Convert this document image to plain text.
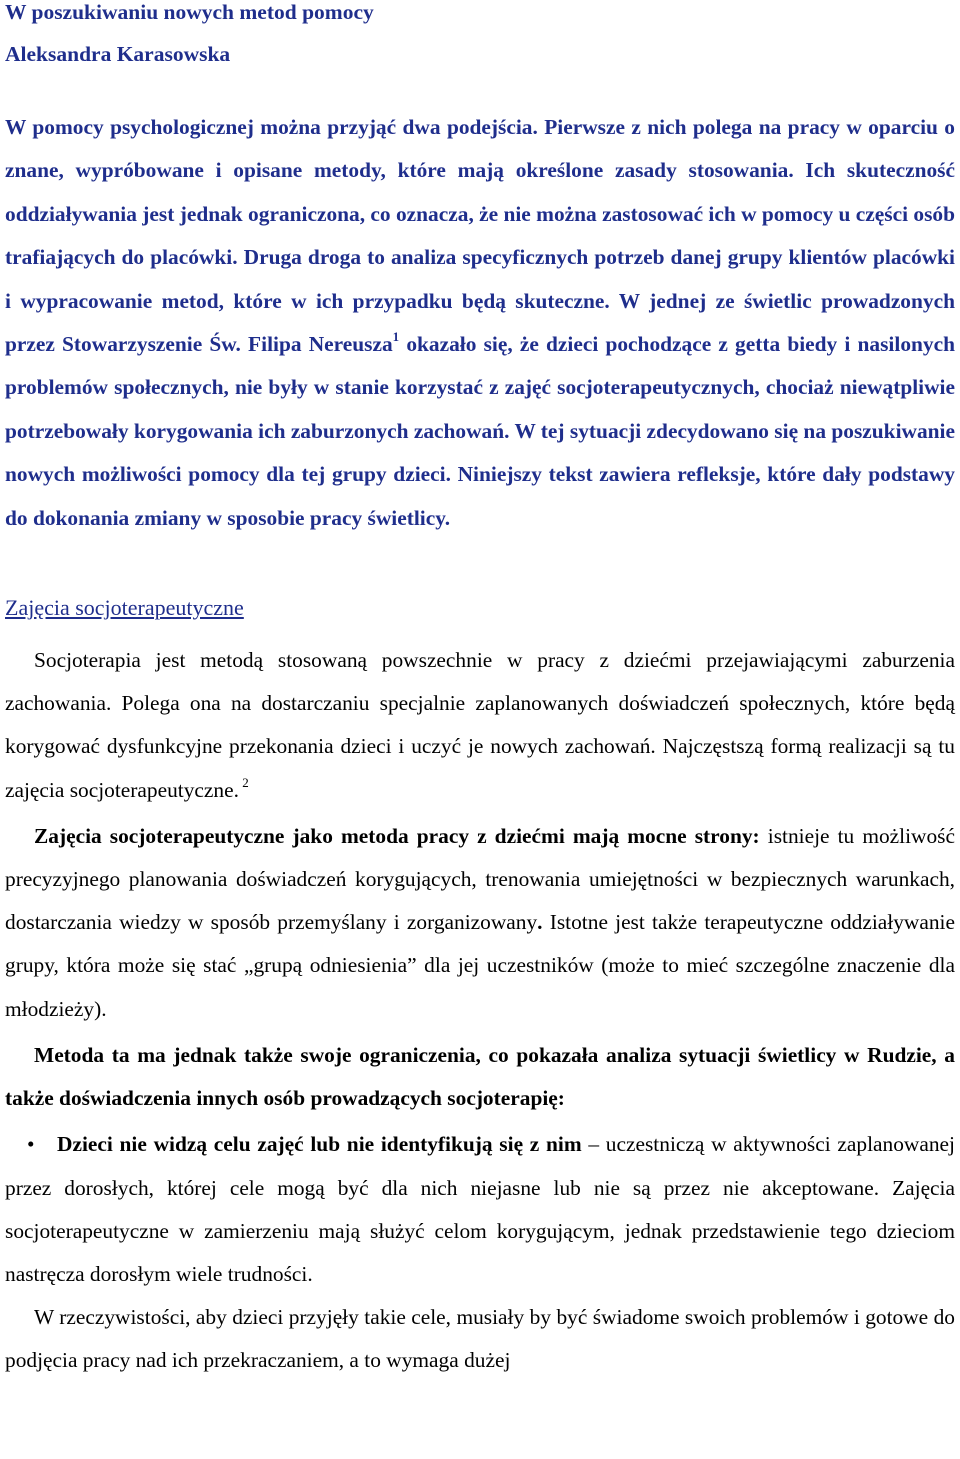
W poszukiwaniu nowych metod pomocy
Aleksandra Karasowska
W pomocy psychologicznej można przyjąć dwa podejścia. Pierwsze z nich polega na pracy w oparciu o znane, wypróbowane i opisane metody, które mają określone zasady stosowania. Ich skuteczność oddziaływania jest jednak ograniczona, co oznacza, że nie można zastosować ich w pomocy u części osób trafiających do placówki. Druga droga to analiza specyficznych potrzeb danej grupy klientów placówki i wypracowanie metod, które w ich przypadku będą skuteczne. W jednej ze świetlic prowadzonych przez Stowarzyszenie Św. Filipa Nereusza$^1$ okazało się, że dzieci pochodzące z getta biedy i nasilonych problemów społecznych, nie były w stanie korzystać z zajęć socjoterapeutycznych, chociaż niewątpliwie potrzebowały korygowania ich zaburzonych zachowań. W tej sytuacji zdecydowano się na poszukiwanie nowych możliwości pomocy dla tej grupy dzieci. Niniejszy tekst zawiera refleksje, które dały podstawy do dokonania zmiany w sposobie pracy świetlicy.
Zajęcia socjoterapeutyczne

Socjoterapia jest metodą stosowaną powszechnie w pracy z dziećmi przejawiającymi zaburzenia zachowania. Polega ona na dostarczaniu specjalnie zaplanowanych doświadczeń społecznych, które będą korygować dysfunkcyjne przekonania dzieci i uczyć je nowych zachowań. Najczęstszą formą realizacji są tu zajęcia socjoterapeutyczne. $^2$

Zajęcia socjoterapeutyczne jako metoda pracy z dziećmi mają mocne strony: istnieje tu możliwość precyzyjnego planowania doświadczeń korygujących, trenowania umiejętności w bezpiecznych warunkach, dostarczania wiedzy w sposób przemyślany i zorganizowany. Istotne jest także terapeutyczne oddziaływanie grupy, która może się stać „grupą odniesienia” dla jej uczestników (może to mieć szczególne znaczenie dla młodzieży).

Metoda ta ma jednak także swoje ograniczenia, co pokazała analiza sytuacji świetlicy w Rudzie, a także doświadczenia innych osób prowadzących socjoterapię:

• Dzieci nie widzą celu zajęć lub nie identyfikują się z nim – uczestniczą w aktywności zaplanowanej przez dorosłych, której cele mogą być dla nich niejasne lub nie są przez nie akceptowane. Zajęcia socjoterapeutyczne w zamierzeniu mają służyć celom korygującym, jednak przedstawienie tego dzieciom nastręcza dorosłym wiele trudności.

W rzeczywistości, aby dzieci przyjęły takie cele, musiały by być świadome swoich problemów i gotowe do podjęcia pracy nad ich przekraczaniem, a to wymaga dużej
